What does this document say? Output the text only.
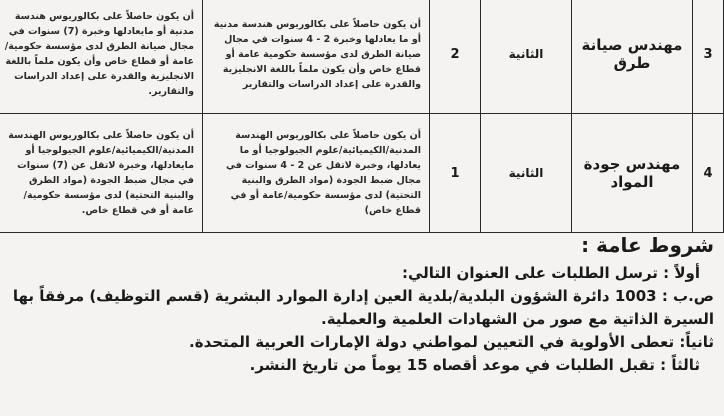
3	مهندس صيانة طرق	الثانية	2	أن يكون حاصلاً على بكالوريوس هندسة مدنية أو ما يعادلها وخبرة 2 - 4 سنوات في مجال صيانة الطرق لدى مؤسسة حكومية عامة أو قطاع خاص وأن يكون ملماً باللغة الانجليزية والقدرة على إعداد الدراسات والتقارير	أن يكون حاصلاً على بكالوريوس هندسة مدنية أو مايعادلها وخبرة (7) سنوات في مجال صيانة الطرق لدى مؤسسة حكومية/عامة أو قطاع خاص وأن يكون ملماً باللغة الانجليزية والقدرة على إعداد الدراسات والتقارير.

4	مهندس جودة المواد	الثانية	1	أن يكون حاصلاً على بكالوريوس الهندسة المدنية/الكيميائية/علوم الجيولوجيا أو ما يعادلها، وخبرة لاتقل عن 2 - 4 سنوات في مجال ضبط الجودة (مواد الطرق والبنية التحتية) لدى مؤسسة حكومية/عامة أو في قطاع خاص)	أن يكون حاصلاً على بكالوريوس الهندسة المدنية/الكيميائية/علوم الجيولوجيا أو مايعادلها، وخبرة لاتقل عن (7) سنوات في مجال ضبط الجودة (مواد الطرق والبنية التحتية) لدى مؤسسة حكومية/عامة أو في قطاع خاص.
شروط عامة :
أولاً : ترسل الطلبات على العنوان التالي:
ص.ب : 1003 دائرة الشؤون البلدية/بلدية العين إدارة الموارد البشرية (قسم التوظيف) مرفقاً بها
السيرة الذاتية مع صور من الشهادات العلمية والعملية.
ثانياً: تعطى الأولوية في التعيين لمواطني دولة الإمارات العربية المتحدة.
ثالثاً : تقبل الطلبات في موعد أقصاه 15 يوماً من تاريخ النشر.
